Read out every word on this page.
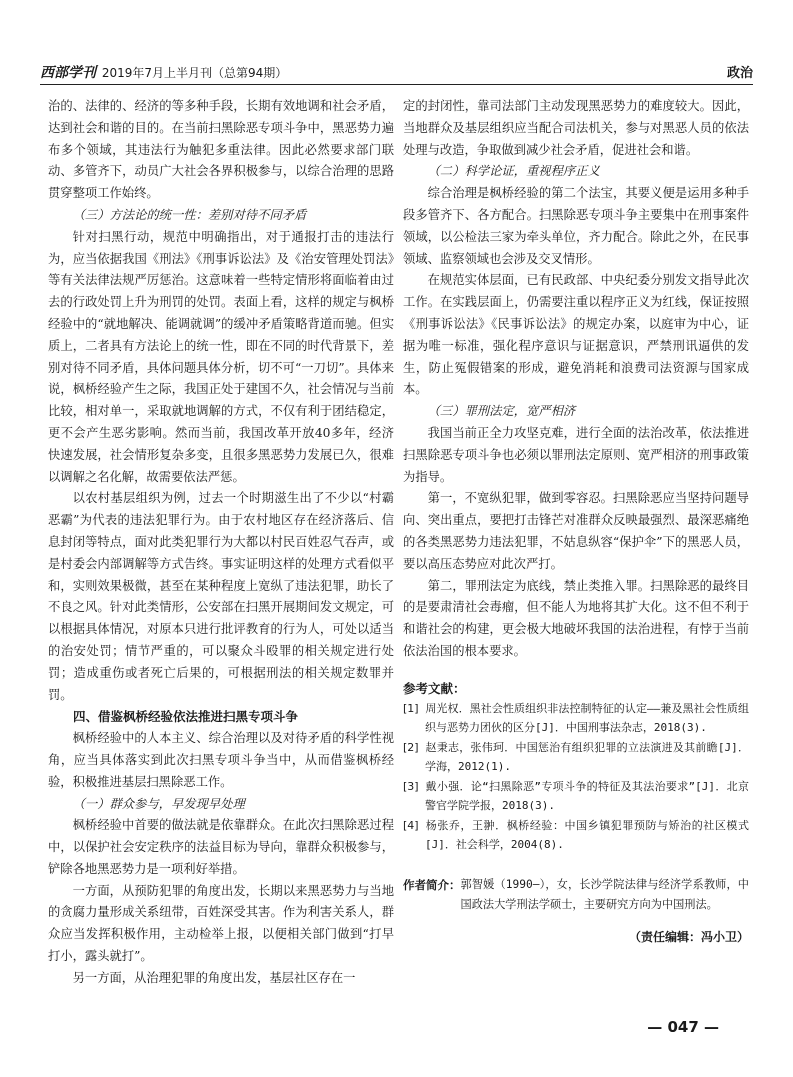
西部学刊 2019年7月上半月刊（总第94期）	政治

治的、法律的、经济的等多种手段，长期有效地调和社会矛盾，达到社会和谐的目的。在当前扫黑除恶专项斗争中，黑恶势力遍布多个领域，其违法行为触犯多重法律。因此必然要求部门联动、多管齐下，动员广大社会各界积极参与，以综合治理的思路贯穿整项工作始终。

（三）方法论的统一性：差别对待不同矛盾

针对扫黑行动，规范中明确指出，对于通报打击的违法行为，应当依据我国《刑法》《刑事诉讼法》及《治安管理处罚法》等有关法律法规严厉惩治。这意味着一些特定情形将面临着由过去的行政处罚上升为刑罚的处罚。表面上看，这样的规定与枫桥经验中的“就地解决、能调就调”的缓冲矛盾策略背道而驰。但实质上，二者具有方法论上的统一性，即在不同的时代背景下，差别对待不同矛盾，具体问题具体分析，切不可“一刀切”。具体来说，枫桥经验产生之际，我国正处于建国不久，社会情况与当前比较，相对单一，采取就地调解的方式，不仅有利于团结稳定，更不会产生恶劣影响。然而当前，我国改革开放40多年，经济快速发展，社会情形复杂多变，且很多黑恶势力发展已久，很难以调解之名化解，故需要依法严惩。

以农村基层组织为例，过去一个时期滋生出了不少以“村霸恶霸”为代表的违法犯罪行为。由于农村地区存在经济落后、信息封闭等特点，面对此类犯罪行为大都以村民百姓忍气吞声，或是村委会内部调解等方式告终。事实证明这样的处理方式看似平和，实则效果极微，甚至在某种程度上宽纵了违法犯罪，助长了不良之风。针对此类情形，公安部在扫黑开展期间发文规定，可以根据具体情况，对原本只进行批评教育的行为人，可处以适当的治安处罚；情节严重的，可以聚众斗殴罪的相关规定进行处罚；造成重伤或者死亡后果的，可根据刑法的相关规定数罪并罚。

四、借鉴枫桥经验依法推进扫黑专项斗争

枫桥经验中的人本主义、综合治理以及对待矛盾的科学性视角，应当具体落实到此次扫黑专项斗争当中，从而借鉴枫桥经验，积极推进基层扫黑除恶工作。

（一）群众参与，早发现早处理

枫桥经验中首要的做法就是依靠群众。在此次扫黑除恶过程中，以保护社会安定秩序的法益目标为导向，靠群众积极参与，铲除各地黑恶势力是一项利好举措。

一方面，从预防犯罪的角度出发，长期以来黑恶势力与当地的贪腐力量形成关系纽带，百姓深受其害。作为利害关系人，群众应当发挥积极作用，主动检举上报，以便相关部门做到“打早打小，露头就打”。

另一方面，从治理犯罪的角度出发，基层社区存在一

定的封闭性，靠司法部门主动发现黑恶势力的难度较大。因此，当地群众及基层组织应当配合司法机关，参与对黑恶人员的依法处理与改造，争取做到减少社会矛盾，促进社会和谐。

（二）科学论证，重视程序正义

综合治理是枫桥经验的第二个法宝，其要义便是运用多种手段多管齐下、各方配合。扫黑除恶专项斗争主要集中在刑事案件领域，以公检法三家为牵头单位，齐力配合。除此之外，在民事领域、监察领域也会涉及交叉情形。

在规范实体层面，已有民政部、中央纪委分别发文指导此次工作。在实践层面上，仍需要注重以程序正义为红线，保证按照《刑事诉讼法》《民事诉讼法》的规定办案，以庭审为中心，证据为唯一标准，强化程序意识与证据意识，严禁刑讯逼供的发生，防止冤假错案的形成，避免消耗和浪费司法资源与国家成本。

（三）罪刑法定，宽严相济

我国当前正全力攻坚克难，进行全面的法治改革，依法推进扫黑除恶专项斗争也必须以罪刑法定原则、宽严相济的刑事政策为指导。

第一，不宽纵犯罪，做到零容忍。扫黑除恶应当坚持问题导向、突出重点，要把打击锋芒对准群众反映最强烈、最深恶痛绝的各类黑恶势力违法犯罪，不姑息纵容“保护伞”下的黑恶人员，要以高压态势应对此次严打。

第二，罪刑法定为底线，禁止类推入罪。扫黑除恶的最终目的是要肃清社会毒瘤，但不能人为地将其扩大化。这不但不利于和谐社会的构建，更会极大地破坏我国的法治进程，有悖于当前依法治国的根本要求。

参考文献：
[1] 周光权．黑社会性质组织非法控制特征的认定——兼及黑社会性质组织与恶势力团伙的区分[J]．中国刑事法杂志，2018(3).
[2] 赵秉志，张伟珂．中国惩治有组织犯罪的立法演进及其前瞻[J]．学海，2012(1).
[3] 戴小强．论“扫黑除恶”专项斗争的特征及其法治要求”[J]．北京警官学院学报，2018(3).
[4] 杨张乔，王翀．枫桥经验：中国乡镇犯罪预防与矫治的社区模式[J]．社会科学，2004(8).
作者简介： 郭智媛（1990—），女，长沙学院法律与经济学系教师，中国政法大学刑法学硕士，主要研究方向为中国刑法。
（责任编辑：冯小卫）
— 047 —
